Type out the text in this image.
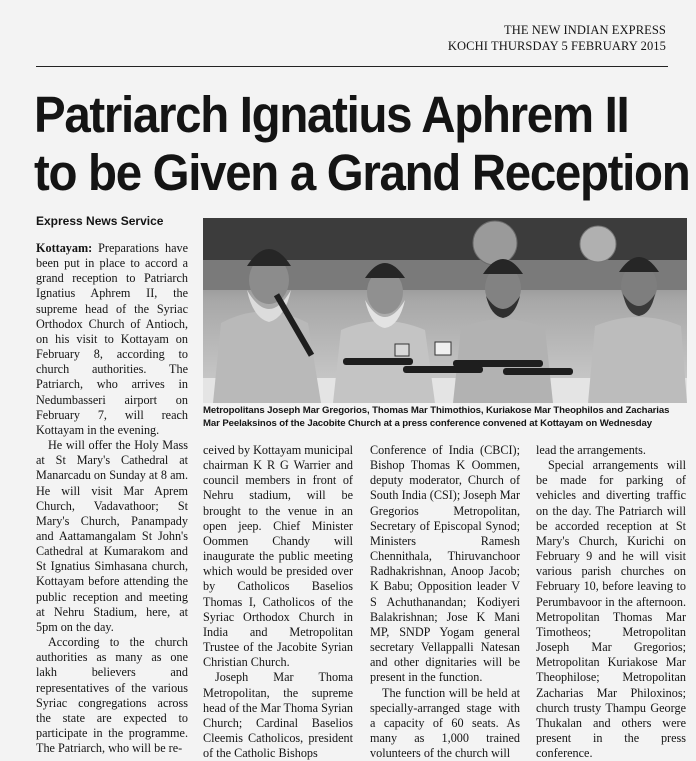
THE NEW INDIAN EXPRESS
KOCHI THURSDAY 5 FEBRUARY 2015
Patriarch Ignatius Aphrem II
to be Given a Grand Reception
Express News Service
Metropolitans Joseph Mar Gregorios, Thomas Mar Thimothios, Kuriakose Mar Theophilos and Zacharias Mar Peelaksinos of the Jacobite Church at a press conference convened at Kottayam on Wednesday

Kottayam: Preparations have been put in place to accord a grand reception to Patriarch Ignatius Aphrem II, the supreme head of the Syriac Orthodox Church of Antioch, on his visit to Kottayam on February 8, according to church authorities. The Patriarch, who arrives in Nedumbasseri airport on February 7, will reach Kottayam in the evening.

He will offer the Holy Mass at St Mary's Cathedral at Manarcadu on Sunday at 8 am. He will visit Mar Aprem Church, Vadavathoor; St Mary's Church, Panampady and Aattamangalam St John's Cathedral at Kumarakom and St Ignatius Simhasana church, Kottayam before attending the public reception and meeting at Nehru Stadium, here, at 5pm on the day.

According to the church authorities as many as one lakh believers and representatives of the various Syriac congregations across the state are expected to participate in the programme. The Patriarch, who will be re-

ceived by Kottayam municipal chairman K R G Warrier and council members in front of Nehru stadium, will be brought to the venue in an open jeep. Chief Minister Oommen Chandy will inaugurate the public meeting which would be presided over by Catholicos Baselios Thomas I, Catholicos of the Syriac Orthodox Church in India and Metropolitan Trustee of the Jacobite Syrian Christian Church.

Joseph Mar Thoma Metropolitan, the supreme head of the Mar Thoma Syrian Church; Cardinal Baselios Cleemis Catholicos, president of the Catholic Bishops

Conference of India (CBCI); Bishop Thomas K Oommen, deputy moderator, Church of South India (CSI); Joseph Mar Gregorios Metropolitan, Secretary of Episcopal Synod; Ministers Ramesh Chennithala, Thiruvanchoor Radhakrishnan, Anoop Jacob; K Babu; Opposition leader V S Achuthanandan; Kodiyeri Balakrishnan; Jose K Mani MP, SNDP Yogam general secretary Vellappalli Natesan and other dignitaries will be present in the function.

The function will be held at specially-arranged stage with a capacity of 60 seats. As many as 1,000 trained volunteers of the church will

lead the arrangements.

Special arrangements will be made for parking of vehicles and diverting traffic on the day. The Patriarch will be accorded reception at St Mary's Church, Kurichi on February 9 and he will visit various parish churches on February 10, before leaving to Perumbavoor in the afternoon. Metropolitan Thomas Mar Timotheos; Metropolitan Joseph Mar Gregorios; Metropolitan Kuriakose Mar Theophilose; Metropolitan Zacharias Mar Philoxinos; church trusty Thampu George Thukalan and others were present in the press conference.
